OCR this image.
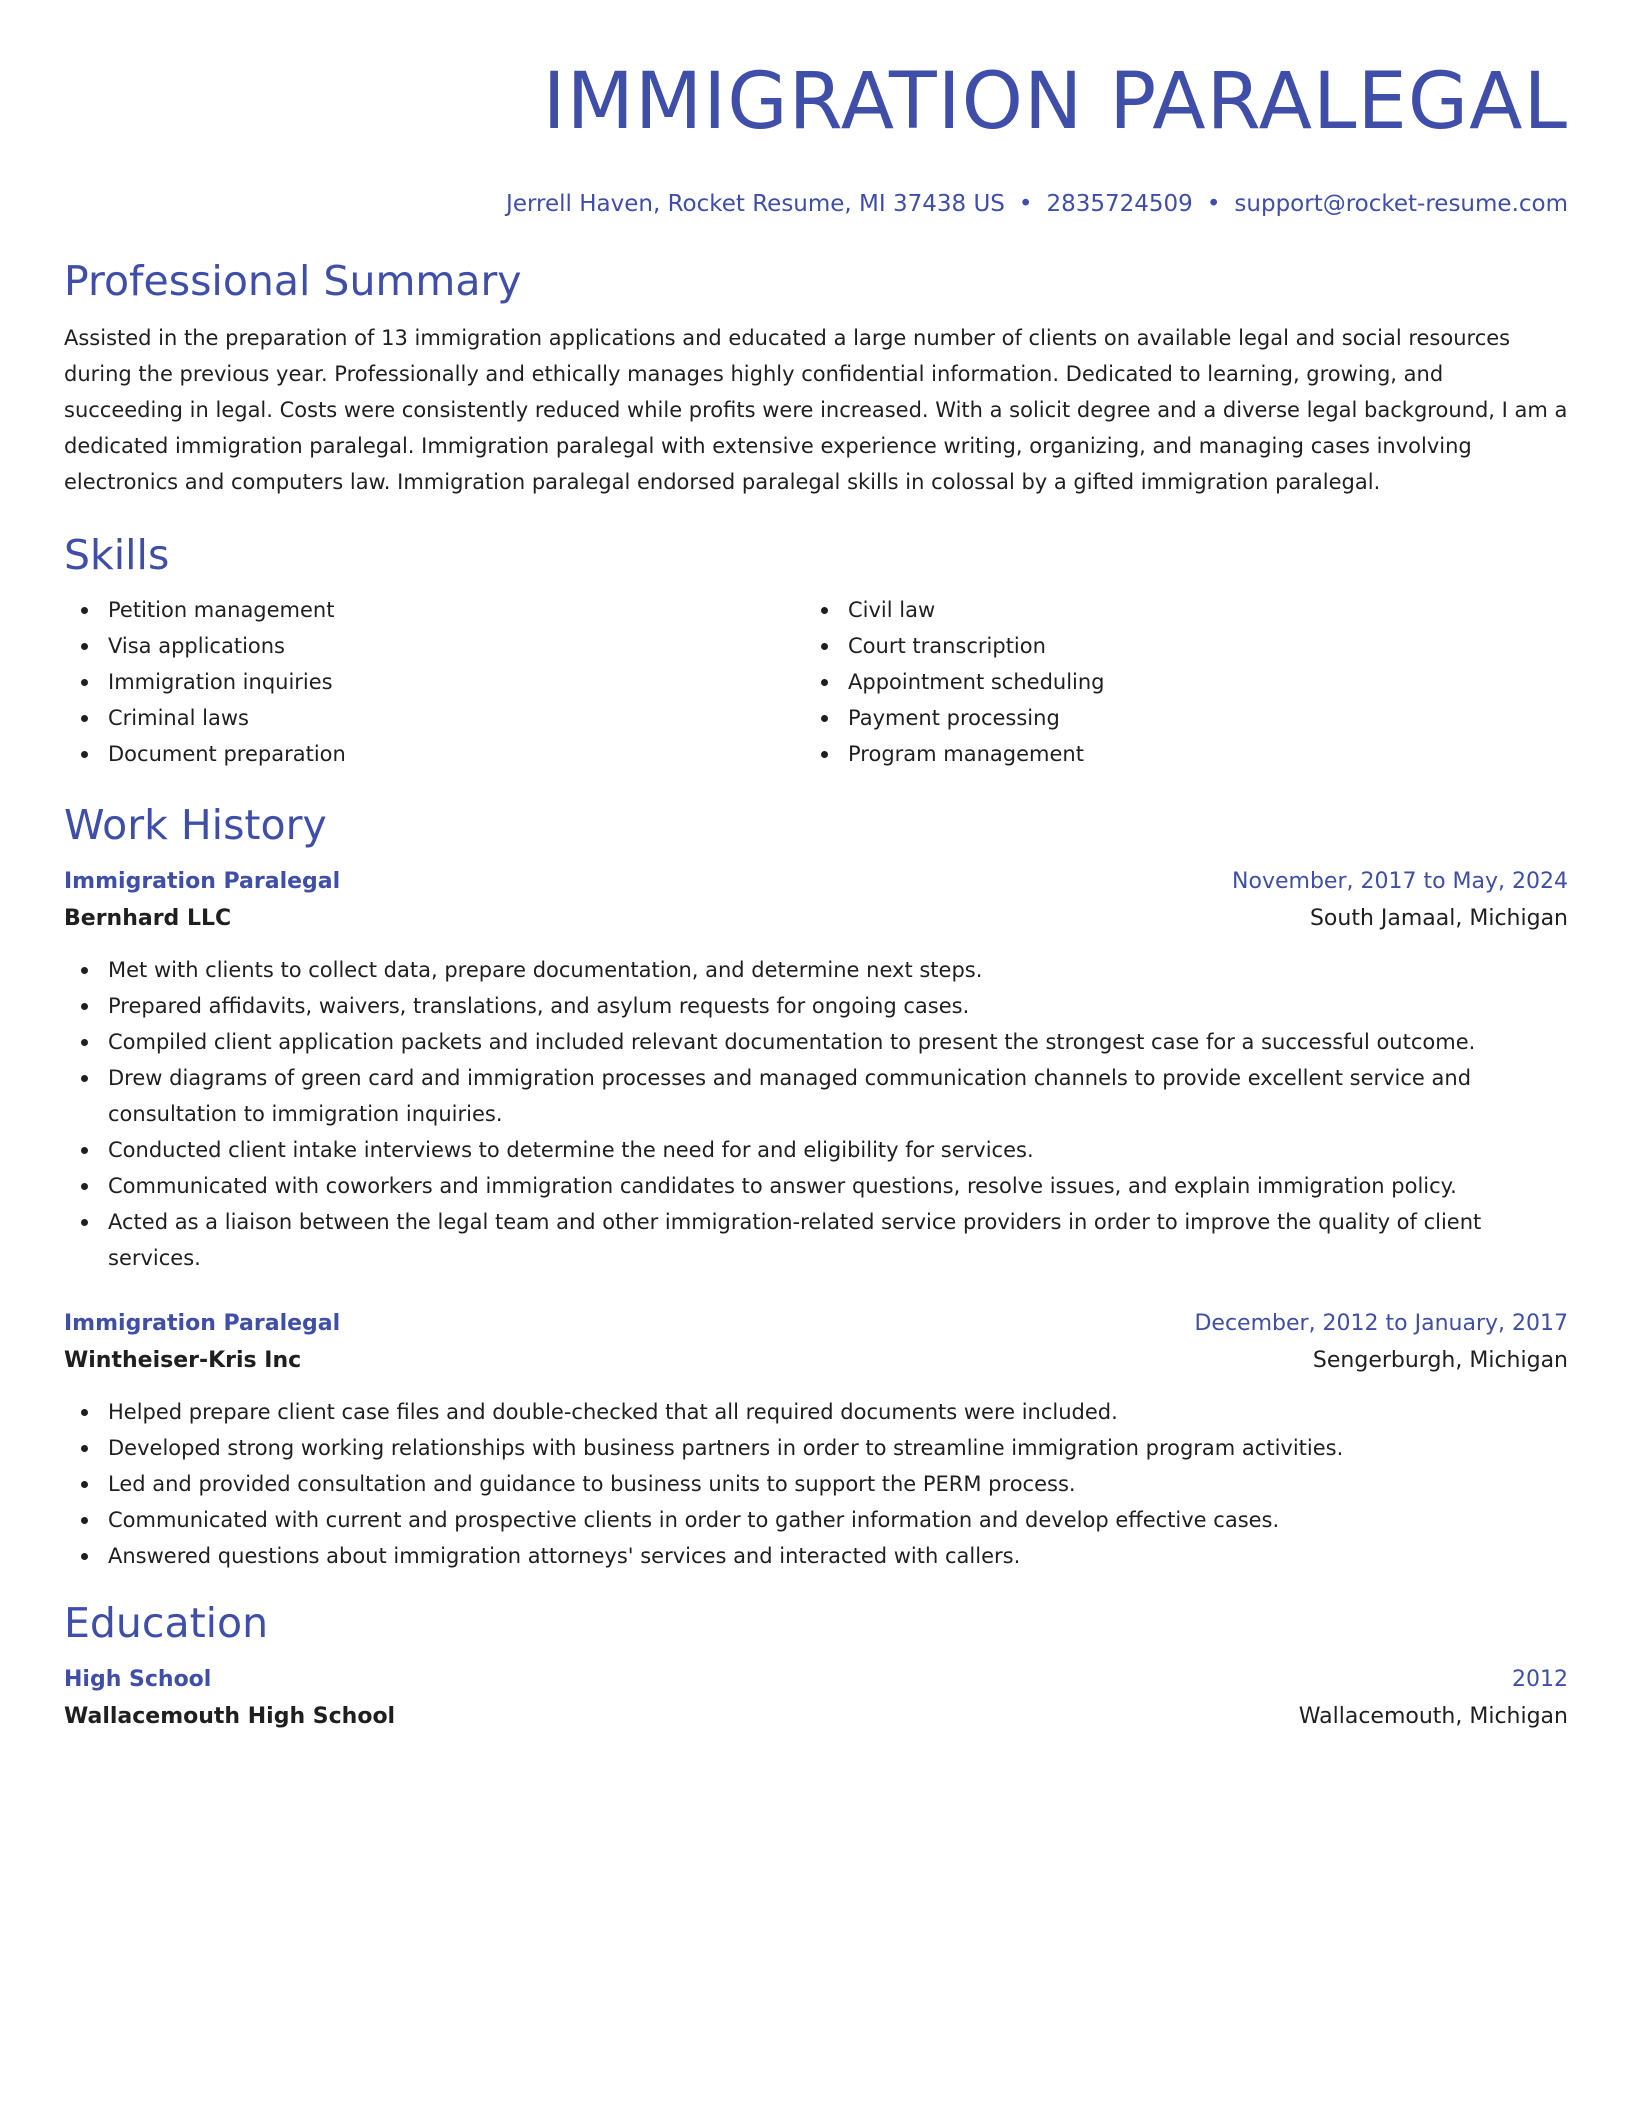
IMMIGRATION PARALEGAL
Jerrell Haven, Rocket Resume, MI 37438 US • 2835724509 • support@rocket-resume.com
Professional Summary
Assisted in the preparation of 13 immigration applications and educated a large number of clients on available legal and social resources during the previous year. Professionally and ethically manages highly confidential information. Dedicated to learning, growing, and succeeding in legal. Costs were consistently reduced while profits were increased. With a solicit degree and a diverse legal background, I am a dedicated immigration paralegal. Immigration paralegal with extensive experience writing, organizing, and managing cases involving electronics and computers law. Immigration paralegal endorsed paralegal skills in colossal by a gifted immigration paralegal.
Skills
Petition management
Visa applications
Immigration inquiries
Criminal laws
Document preparation
Civil law
Court transcription
Appointment scheduling
Payment processing
Program management
Work History
Immigration Paralegal	November, 2017 to May, 2024
Bernhard LLC	South Jamaal, Michigan
Met with clients to collect data, prepare documentation, and determine next steps.
Prepared affidavits, waivers, translations, and asylum requests for ongoing cases.
Compiled client application packets and included relevant documentation to present the strongest case for a successful outcome.
Drew diagrams of green card and immigration processes and managed communication channels to provide excellent service and consultation to immigration inquiries.
Conducted client intake interviews to determine the need for and eligibility for services.
Communicated with coworkers and immigration candidates to answer questions, resolve issues, and explain immigration policy.
Acted as a liaison between the legal team and other immigration-related service providers in order to improve the quality of client services.
Immigration Paralegal	December, 2012 to January, 2017
Wintheiser-Kris Inc	Sengerburgh, Michigan
Helped prepare client case files and double-checked that all required documents were included.
Developed strong working relationships with business partners in order to streamline immigration program activities.
Led and provided consultation and guidance to business units to support the PERM process.
Communicated with current and prospective clients in order to gather information and develop effective cases.
Answered questions about immigration attorneys' services and interacted with callers.
Education
High School	2012
Wallacemouth High School	Wallacemouth, Michigan
